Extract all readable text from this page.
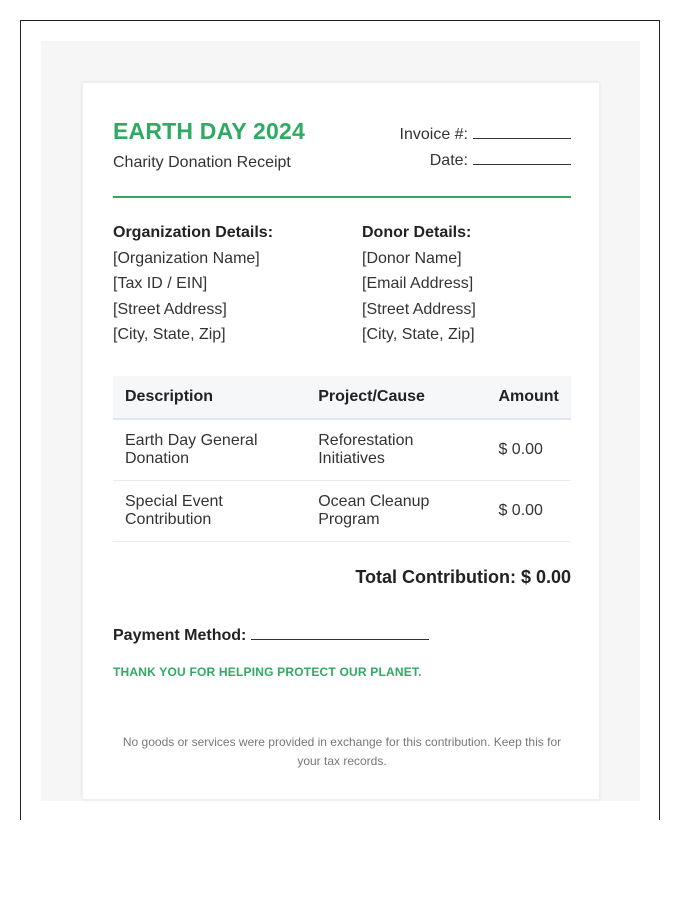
EARTH DAY 2024
Charity Donation Receipt
Invoice #:
Date:
Organization Details:
[Organization Name]
[Tax ID / EIN]
[Street Address]
[City, State, Zip]
Donor Details:
[Donor Name]
[Email Address]
[Street Address]
[City, State, Zip]
Description	Project/Cause	Amount
Earth Day General Donation	Reforestation Initiatives	$ 0.00
Special Event Contribution	Ocean Cleanup Program	$ 0.00
Total Contribution: $ 0.00
Payment Method:
THANK YOU FOR HELPING PROTECT OUR PLANET.
No goods or services were provided in exchange for this contribution. Keep this for your tax records.
